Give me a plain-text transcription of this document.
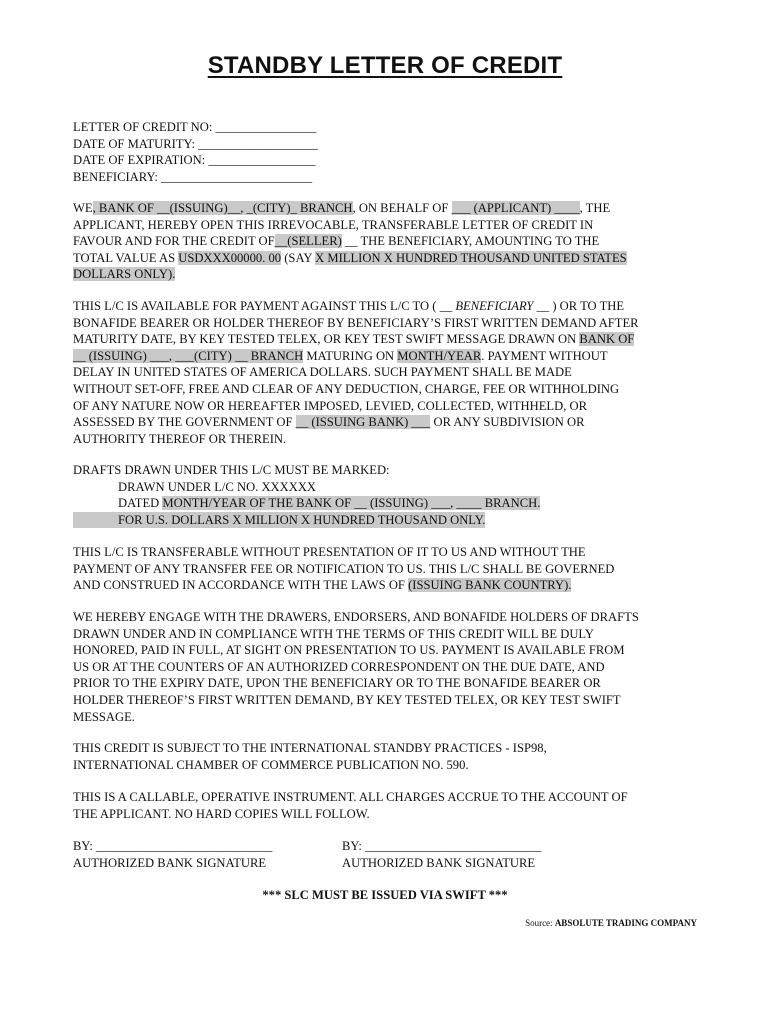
STANDBY LETTER OF CREDIT
LETTER OF CREDIT NO: ________________
DATE OF MATURITY: ___________________
DATE OF EXPIRATION: _________________
BENEFICIARY: ________________________
WE, BANK OF __(ISSUING)__, _(CITY)_ BRANCH, ON BEHALF OF ___ (APPLICANT) ____, THE
APPLICANT, HEREBY OPEN THIS IRREVOCABLE, TRANSFERABLE LETTER OF CREDIT IN
FAVOUR AND FOR THE CREDIT OF__(SELLER) __ THE BENEFICIARY, AMOUNTING TO THE
TOTAL VALUE AS USDXXX00000. 00 (SAY X MILLION X HUNDRED THOUSAND UNITED STATES
DOLLARS ONLY).
THIS L/C IS AVAILABLE FOR PAYMENT AGAINST THIS L/C TO ( __ BENEFICIARY __ ) OR TO THE
BONAFIDE BEARER OR HOLDER THEREOF BY BENEFICIARY’S FIRST WRITTEN DEMAND AFTER
MATURITY DATE, BY KEY TESTED TELEX, OR KEY TEST SWIFT MESSAGE DRAWN ON BANK OF
__ (ISSUING) ___, ___(CITY) __ BRANCH MATURING ON MONTH/YEAR. PAYMENT WITHOUT
DELAY IN UNITED STATES OF AMERICA DOLLARS. SUCH PAYMENT SHALL BE MADE
WITHOUT SET-OFF, FREE AND CLEAR OF ANY DEDUCTION, CHARGE, FEE OR WITHHOLDING
OF ANY NATURE NOW OR HEREAFTER IMPOSED, LEVIED, COLLECTED, WITHHELD, OR
ASSESSED BY THE GOVERNMENT OF __ (ISSUING BANK) ___ OR ANY SUBDIVISION OR
AUTHORITY THEREOF OR THEREIN.
DRAFTS DRAWN UNDER THIS L/C MUST BE MARKED:
DRAWN UNDER L/C NO. XXXXXX
DATED MONTH/YEAR OF THE BANK OF __ (ISSUING) ___, ____ BRANCH.
FOR U.S. DOLLARS X MILLION X HUNDRED THOUSAND ONLY.
THIS L/C IS TRANSFERABLE WITHOUT PRESENTATION OF IT TO US AND WITHOUT THE
PAYMENT OF ANY TRANSFER FEE OR NOTIFICATION TO US. THIS L/C SHALL BE GOVERNED
AND CONSTRUED IN ACCORDANCE WITH THE LAWS OF (ISSUING BANK COUNTRY).
WE HEREBY ENGAGE WITH THE DRAWERS, ENDORSERS, AND BONAFIDE HOLDERS OF DRAFTS
DRAWN UNDER AND IN COMPLIANCE WITH THE TERMS OF THIS CREDIT WILL BE DULY
HONORED, PAID IN FULL, AT SIGHT ON PRESENTATION TO US. PAYMENT IS AVAILABLE FROM
US OR AT THE COUNTERS OF AN AUTHORIZED CORRESPONDENT ON THE DUE DATE, AND
PRIOR TO THE EXPIRY DATE, UPON THE BENEFICIARY OR TO THE BONAFIDE BEARER OR
HOLDER THEREOF’S FIRST WRITTEN DEMAND, BY KEY TESTED TELEX, OR KEY TEST SWIFT
MESSAGE.
THIS CREDIT IS SUBJECT TO THE INTERNATIONAL STANDBY PRACTICES - ISP98,
INTERNATIONAL CHAMBER OF COMMERCE PUBLICATION NO. 590.
THIS IS A CALLABLE, OPERATIVE INSTRUMENT. ALL CHARGES ACCRUE TO THE ACCOUNT OF
THE APPLICANT. NO HARD COPIES WILL FOLLOW.
BY: ____________________________
AUTHORIZED BANK SIGNATURE
BY: ____________________________
AUTHORIZED BANK SIGNATURE
*** SLC MUST BE ISSUED VIA SWIFT ***
Source: ABSOLUTE TRADING COMPANY
